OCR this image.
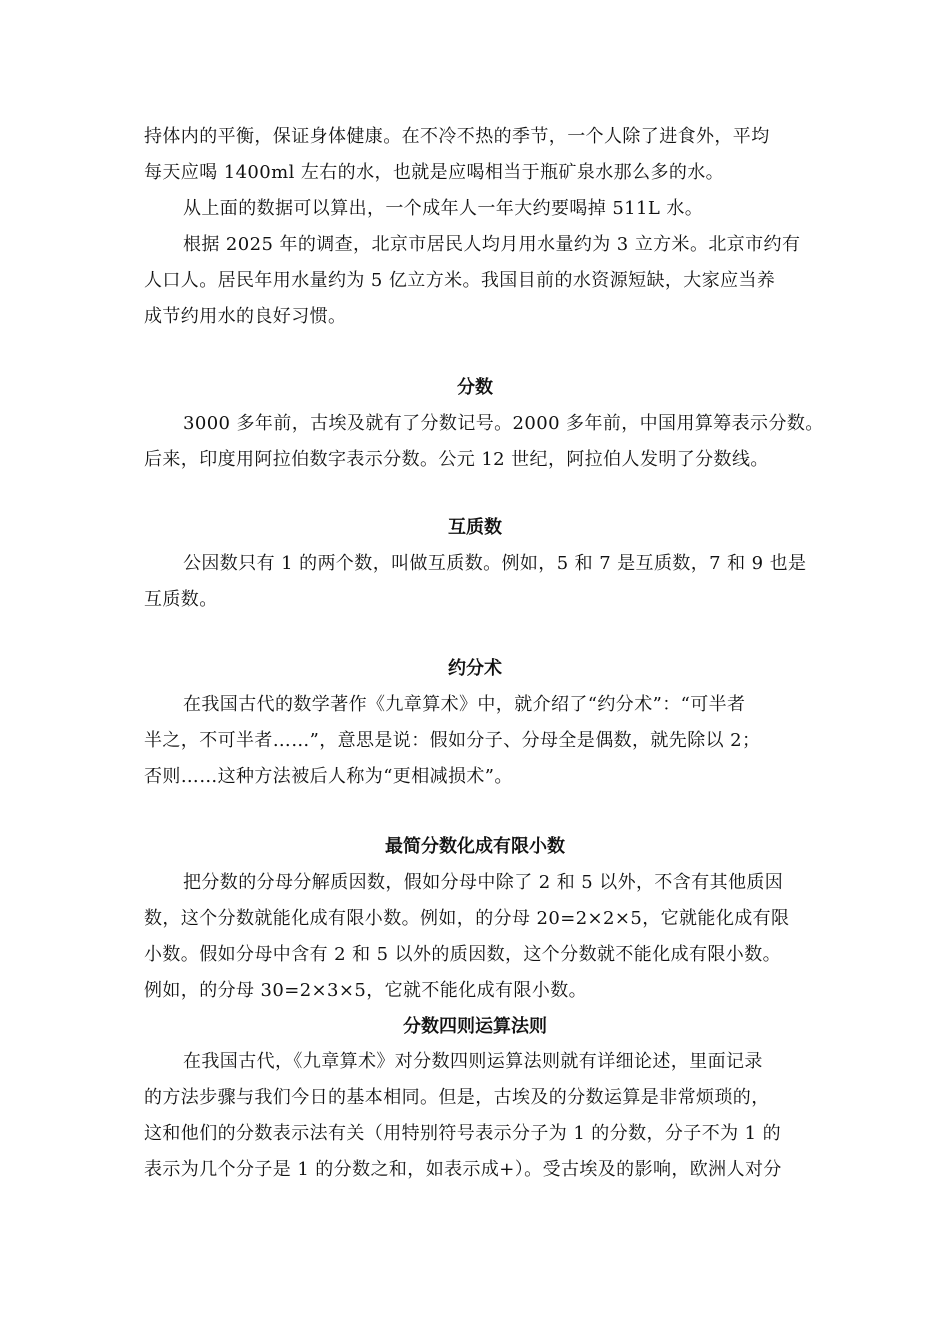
持体内的平衡，保证身体健康。在不冷不热的季节，一个人除了进食外，平均
每天应喝 1400ml 左右的水，也就是应喝相当于瓶矿泉水那么多的水。
从上面的数据可以算出，一个成年人一年大约要喝掉 511L 水。
根据 2025 年的调查，北京市居民人均月用水量约为 3 立方米。北京市约有
人口人。居民年用水量约为 5 亿立方米。我国目前的水资源短缺，大家应当养
成节约用水的良好习惯。
分数
3000 多年前，古埃及就有了分数记号。2000 多年前，中国用算筹表示分数。
后来，印度用阿拉伯数字表示分数。公元 12 世纪，阿拉伯人发明了分数线。
互质数
公因数只有 1 的两个数，叫做互质数。例如，5 和 7 是互质数，7 和 9 也是
互质数。
约分术
在我国古代的数学著作《九章算术》中，就介绍了“约分术”：“可半者
半之，不可半者……”，意思是说：假如分子、分母全是偶数，就先除以 2；
否则……这种方法被后人称为“更相减损术”。
最简分数化成有限小数
把分数的分母分解质因数，假如分母中除了 2 和 5 以外，不含有其他质因
数，这个分数就能化成有限小数。例如，的分母 20=2×2×5，它就能化成有限
小数。假如分母中含有 2 和 5 以外的质因数，这个分数就不能化成有限小数。
例如，的分母 30=2×3×5，它就不能化成有限小数。
分数四则运算法则
在我国古代，《九章算术》对分数四则运算法则就有详细论述，里面记录
的方法步骤与我们今日的基本相同。但是，古埃及的分数运算是非常烦琐的，
这和他们的分数表示法有关（用特别符号表示分子为 1 的分数，分子不为 1 的
表示为几个分子是 1 的分数之和，如表示成+）。受古埃及的影响，欧洲人对分
